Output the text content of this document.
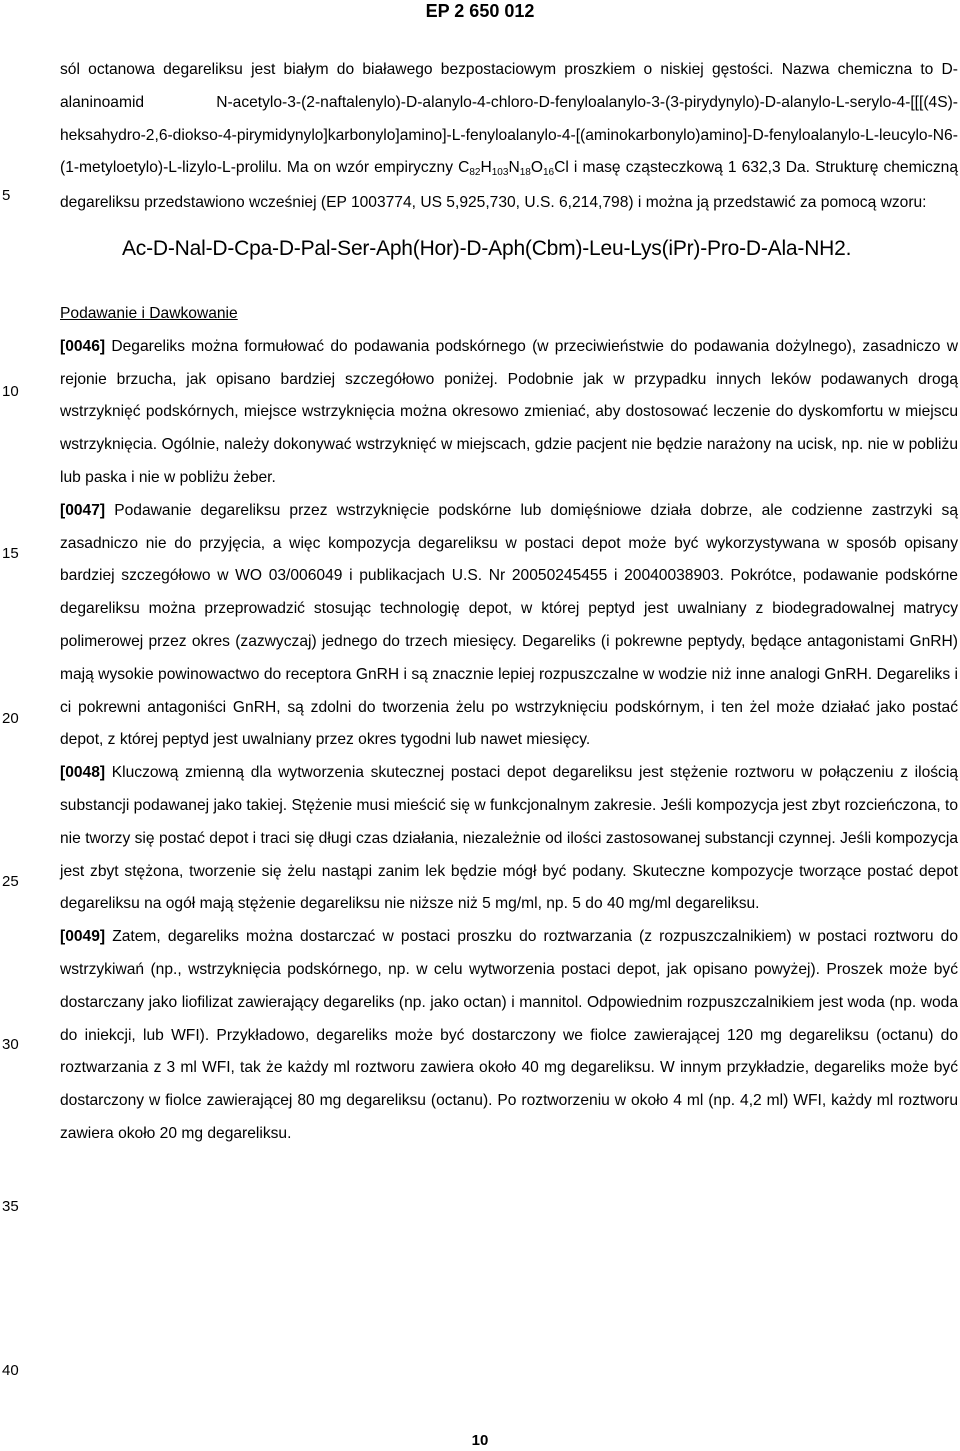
EP 2 650 012
5
10
15
20
25
30
35
40

sól octanowa degareliksu jest białym do białawego bezpostaciowym proszkiem o niskiej gęstości. Nazwa chemiczna to D-alaninoamid N-acetylo-3-(2-naftalenylo)-D-alanylo-4-chloro-D-fenyloalanylo-3-(3-pirydynylo)-D-alanylo-L-serylo-4-[[[(4S)-heksahydro-2,6-diokso-4-pirymidynylo]karbonylo]amino]-L-fenyloalanylo-4-[(aminokarbonylo)amino]-D-fenyloalanylo-L-leucylo-N6-(1-metyloetylo)-L-lizylo-L-prolilu. Ma on wzór empiryczny C82H103N18O16Cl i masę cząsteczkową 1 632,3 Da. Strukturę chemiczną degareliksu przedstawiono wcześniej (EP 1003774, US 5,925,730, U.S. 6,214,798) i można ją przedstawić za pomocą wzoru:

Ac-D-Nal-D-Cpa-D-Pal-Ser-Aph(Hor)-D-Aph(Cbm)-Leu-Lys(iPr)-Pro-D-Ala-NH2.

Podawanie i Dawkowanie

[0046] Degareliks można formułować do podawania podskórnego (w przeciwieństwie do podawania dożylnego), zasadniczo w rejonie brzucha, jak opisano bardziej szczegółowo poniżej. Podobnie jak w przypadku innych leków podawanych drogą wstrzyknięć podskórnych, miejsce wstrzyknięcia można okresowo zmieniać, aby dostosować leczenie do dyskomfortu w miejscu wstrzyknięcia. Ogólnie, należy dokonywać wstrzyknięć w miejscach, gdzie pacjent nie będzie narażony na ucisk, np. nie w pobliżu lub paska i nie w pobliżu żeber.

[0047] Podawanie degareliksu przez wstrzyknięcie podskórne lub domięśniowe działa dobrze, ale codzienne zastrzyki są zasadniczo nie do przyjęcia, a więc kompozycja degareliksu w postaci depot może być wykorzystywana w sposób opisany bardziej szczegółowo w WO 03/006049 i publikacjach U.S. Nr 20050245455 i 20040038903. Pokrótce, podawanie podskórne degareliksu można przeprowadzić stosując technologię depot, w której peptyd jest uwalniany z biodegradowalnej matrycy polimerowej przez okres (zazwyczaj) jednego do trzech miesięcy. Degareliks (i pokrewne peptydy, będące antagonistami GnRH) mają wysokie powinowactwo do receptora GnRH i są znacznie lepiej rozpuszczalne w wodzie niż inne analogi GnRH. Degareliks i ci pokrewni antagoniści GnRH, są zdolni do tworzenia żelu po wstrzyknięciu podskórnym, i ten żel może działać jako postać depot, z której peptyd jest uwalniany przez okres tygodni lub nawet miesięcy.

[0048] Kluczową zmienną dla wytworzenia skutecznej postaci depot degareliksu jest stężenie roztworu w połączeniu z ilością substancji podawanej jako takiej. Stężenie musi mieścić się w funkcjonalnym zakresie. Jeśli kompozycja jest zbyt rozcieńczona, to nie tworzy się postać depot i traci się długi czas działania, niezależnie od ilości zastosowanej substancji czynnej. Jeśli kompozycja jest zbyt stężona, tworzenie się żelu nastąpi zanim lek będzie mógł być podany. Skuteczne kompozycje tworzące postać depot degareliksu na ogół mają stężenie degareliksu nie niższe niż 5 mg/ml, np. 5 do 40 mg/ml degareliksu.

[0049] Zatem, degareliks można dostarczać w postaci proszku do roztwarzania (z rozpuszczalnikiem) w postaci roztworu do wstrzykiwań (np., wstrzyknięcia podskórnego, np. w celu wytworzenia postaci depot, jak opisano powyżej). Proszek może być dostarczany jako liofilizat zawierający degareliks (np. jako octan) i mannitol. Odpowiednim rozpuszczalnikiem jest woda (np. woda do iniekcji, lub WFI). Przykładowo, degareliks może być dostarczony we fiolce zawierającej 120 mg degareliksu (octanu) do roztwarzania z 3 ml WFI, tak że każdy ml roztworu zawiera około 40 mg degareliksu. W innym przykładzie, degareliks może być dostarczony w fiolce zawierającej 80 mg degareliksu (octanu). Po roztworzeniu w około 4 ml (np. 4,2 ml) WFI, każdy ml roztworu zawiera około 20 mg degareliksu.

10
